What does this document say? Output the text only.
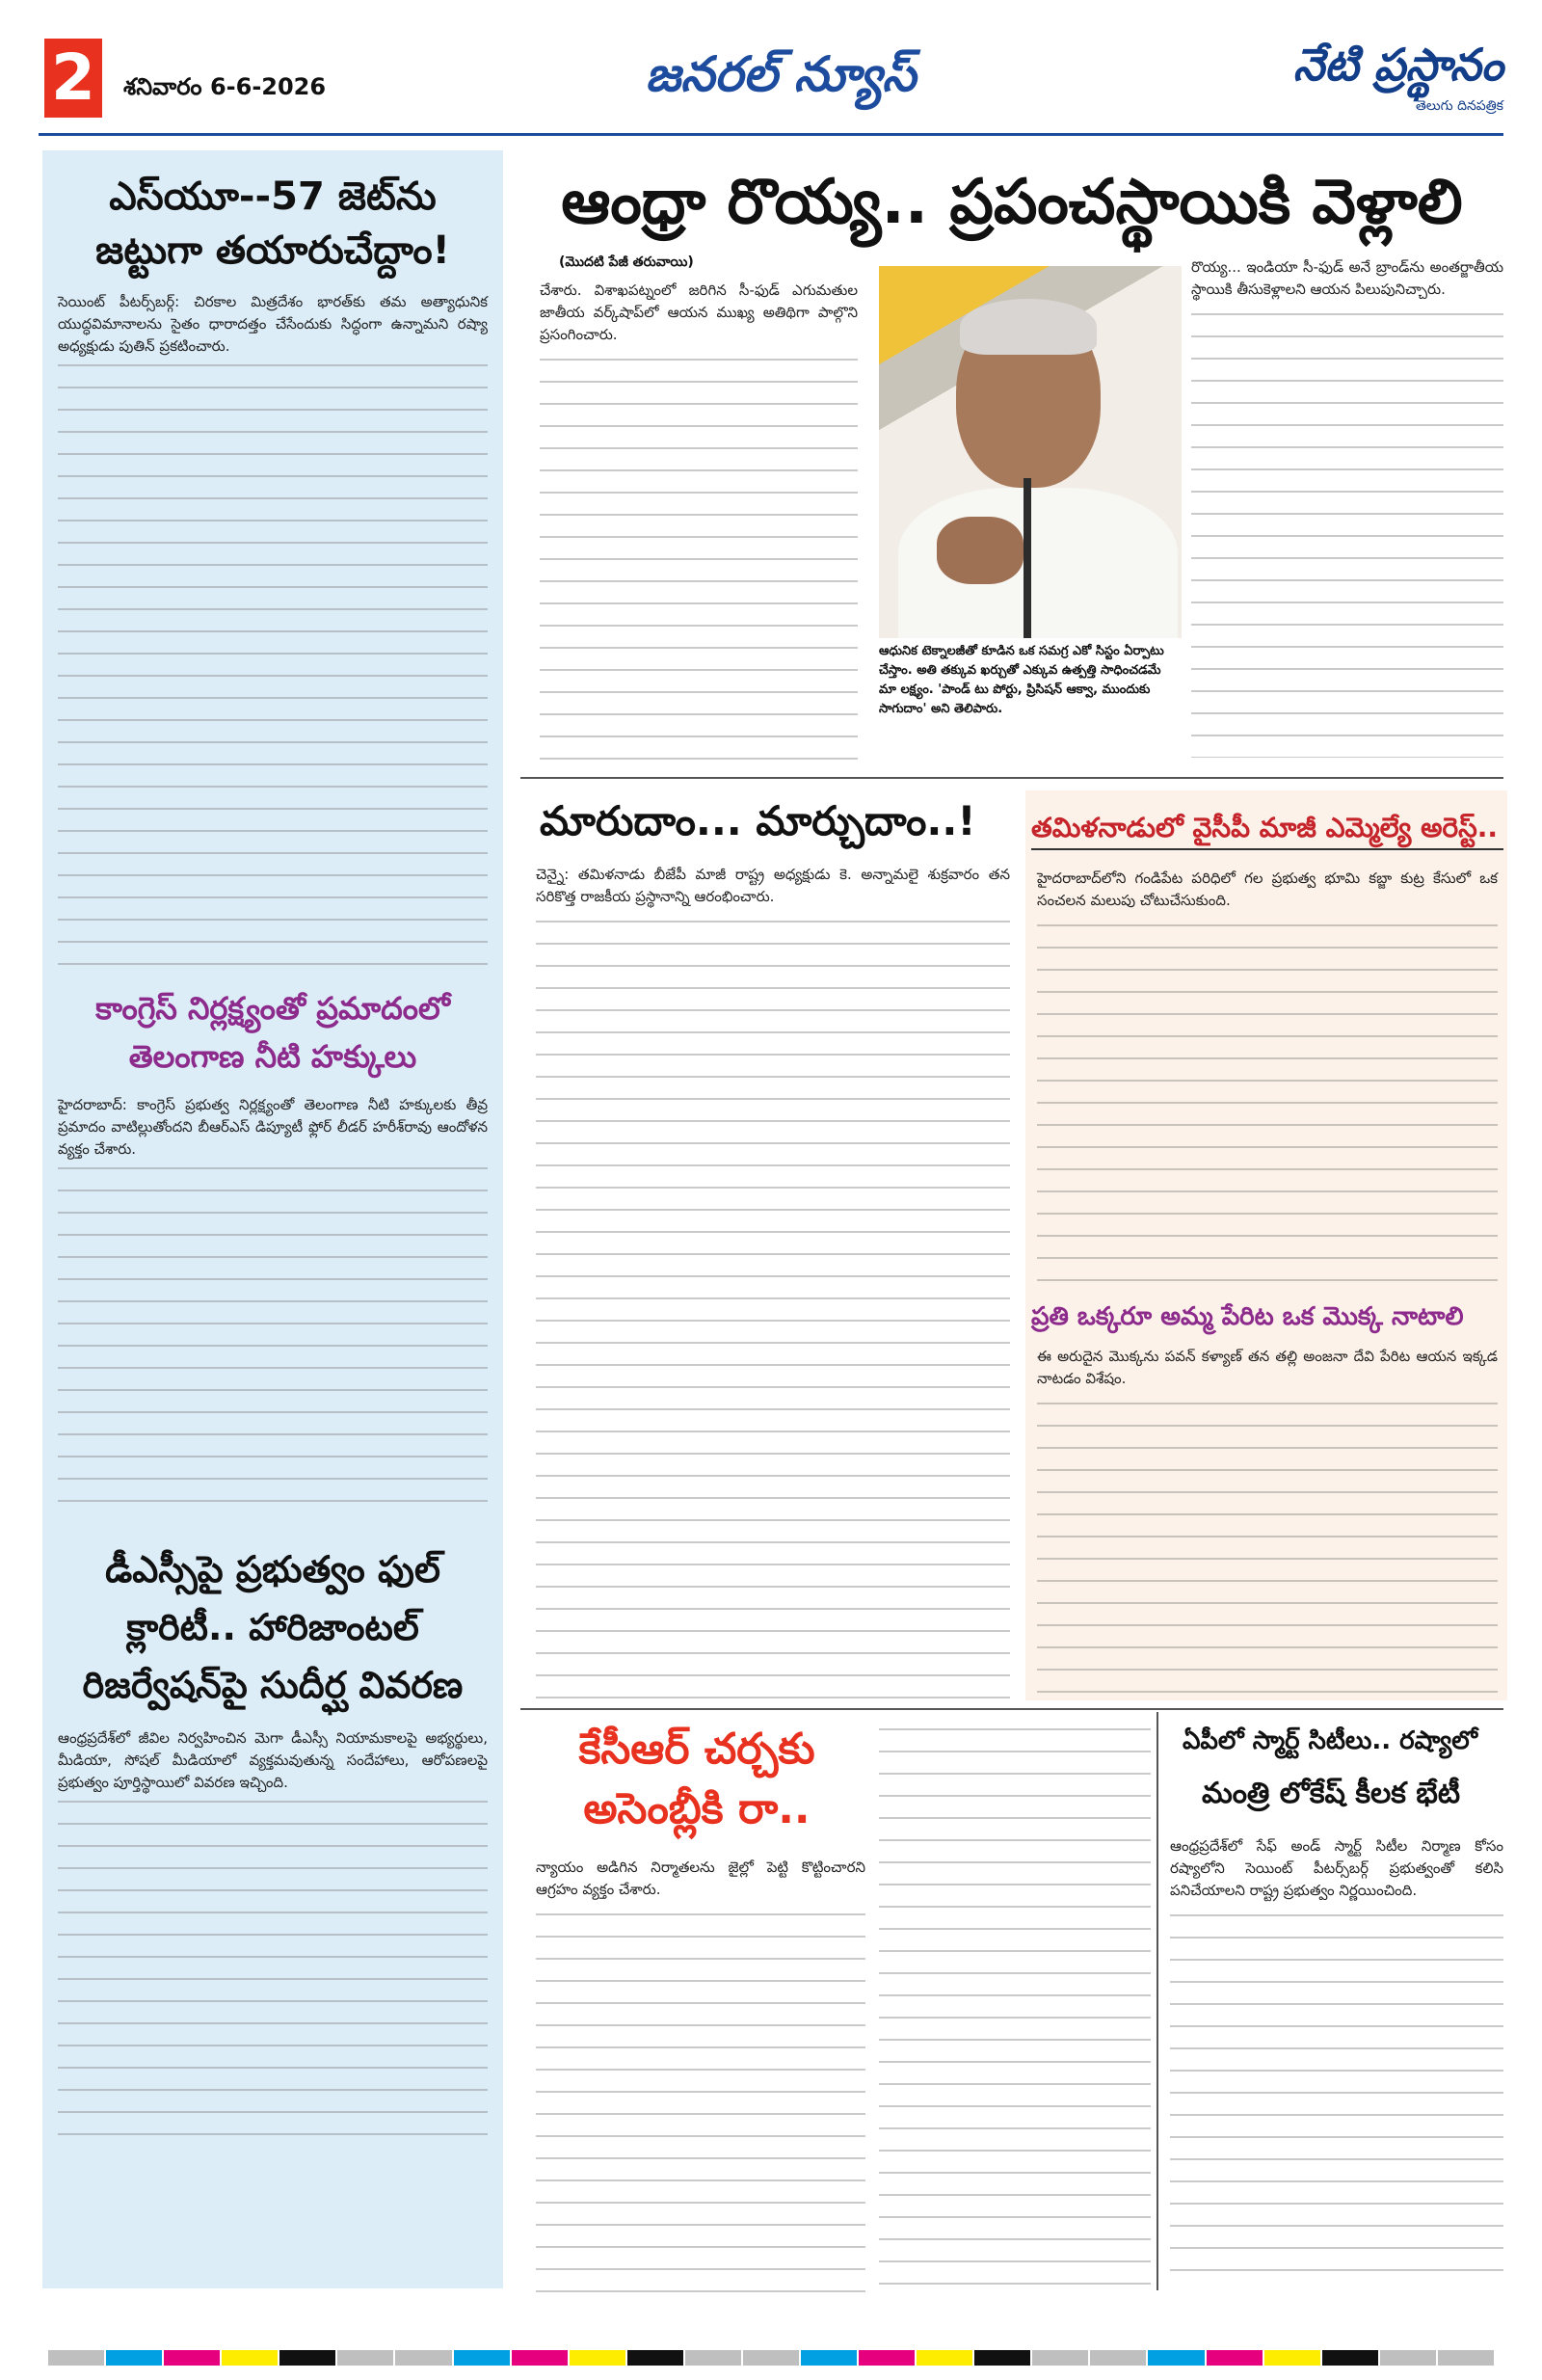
2 శనివారం 6-6-2026	జనరల్ న్యూస్	నేటి ప్రస్థానం
తెలుగు దినపత్రిక
ఎస్‌యూ--57 జెట్‌ను జట్టుగా తయారుచేద్దాం!
సెయింట్ పీటర్స్‌బర్గ్: చిరకాల మిత్రదేశం భారత్‌కు తమ అత్యాధునిక యుద్ధవిమానాలను సైతం ధారాదత్తం చేసేందుకు సిద్ధంగా ఉన్నామని రష్యా అధ్యక్షుడు పుతిన్ ప్రకటించారు.
కాంగ్రెస్ నిర్లక్ష్యంతో ప్రమాదంలో తెలంగాణ నీటి హక్కులు
హైదరాబాద్: కాంగ్రెస్ ప్రభుత్వ నిర్లక్ష్యంతో తెలంగాణ నీటి హక్కులకు తీవ్ర ప్రమాదం వాటిల్లుతోందని బీఆర్ఎస్ డిప్యూటీ ఫ్లోర్ లీడర్ హరీశ్‌రావు ఆందోళన వ్యక్తం చేశారు.
డీఎస్సీపై ప్రభుత్వం ఫుల్ క్లారిటీ.. హారిజాంటల్ రిజర్వేషన్‌పై సుదీర్ఘ వివరణ
ఆంధ్రప్రదేశ్‌లో జీవిల నిర్వహించిన మెగా డీఎస్సీ నియామకాలపై అభ్యర్థులు, మీడియా, సోషల్ మీడియాలో వ్యక్తమవుతున్న సందేహాలు, ఆరోపణలపై ప్రభుత్వం పూర్తిస్థాయిలో వివరణ ఇచ్చింది.
ఆంధ్రా రొయ్య.. ప్రపంచస్థాయికి వెళ్లాలి
(మొదటి పేజీ తరువాయి)
చేశారు. విశాఖపట్నంలో జరిగిన సీ-ఫుడ్ ఎగుమతుల జాతీయ వర్క్‌షాప్‌లో ఆయన ముఖ్య అతిథిగా పాల్గొని ప్రసంగించారు.
ఆధునిక టెక్నాలజీతో కూడిన ఒక సమగ్ర ఎకో సిస్టం ఏర్పాటు చేస్తాం. అతి తక్కువ ఖర్చుతో ఎక్కువ ఉత్పత్తి సాధించడమే మా లక్ష్యం. 'పాండ్ టు పోర్టు, ప్రిసిషన్ ఆక్వా, ముందుకు సాగుదాం' అని తెలిపారు.
రొయ్య... ఇండియా సీ-ఫుడ్ అనే బ్రాండ్‌ను అంతర్జాతీయ స్థాయికి తీసుకెళ్లాలని ఆయన పిలుపునిచ్చారు.
మారుదాం... మార్చుదాం..!
చెన్నై: తమిళనాడు బీజేపీ మాజీ రాష్ట్ర అధ్యక్షుడు కె. అన్నామలై శుక్రవారం తన సరికొత్త రాజకీయ ప్రస్థానాన్ని ఆరంభించారు.
తమిళనాడులో వైసీపీ మాజీ ఎమ్మెల్యే అరెస్ట్..
హైదరాబాద్‌లోని గండిపేట పరిధిలో గల ప్రభుత్వ భూమి కబ్జా కుట్ర కేసులో ఒక సంచలన మలుపు చోటుచేసుకుంది.
ప్రతి ఒక్కరూ అమ్మ పేరిట ఒక మొక్క నాటాలి
ఈ అరుదైన మొక్కను పవన్ కళ్యాణ్ తన తల్లి అంజనా దేవి పేరిట ఆయన ఇక్కడ నాటడం విశేషం.
కేసీఆర్ చర్చకు అసెంబ్లీకి రా..
న్యాయం అడిగిన నిర్మాతలను జైల్లో పెట్టి కొట్టించారని ఆగ్రహం వ్యక్తం చేశారు.
ఏపీలో స్మార్ట్ సిటీలు.. రష్యాలో
మంత్రి లోకేష్ కీలక భేటీ
ఆంధ్రప్రదేశ్‌లో సేఫ్ అండ్ స్మార్ట్ సిటీల నిర్మాణ కోసం రష్యాలోని సెయింట్ పీటర్స్‌బర్గ్ ప్రభుత్వంతో కలిసి పనిచేయాలని రాష్ట్ర ప్రభుత్వం నిర్ణయించింది.
